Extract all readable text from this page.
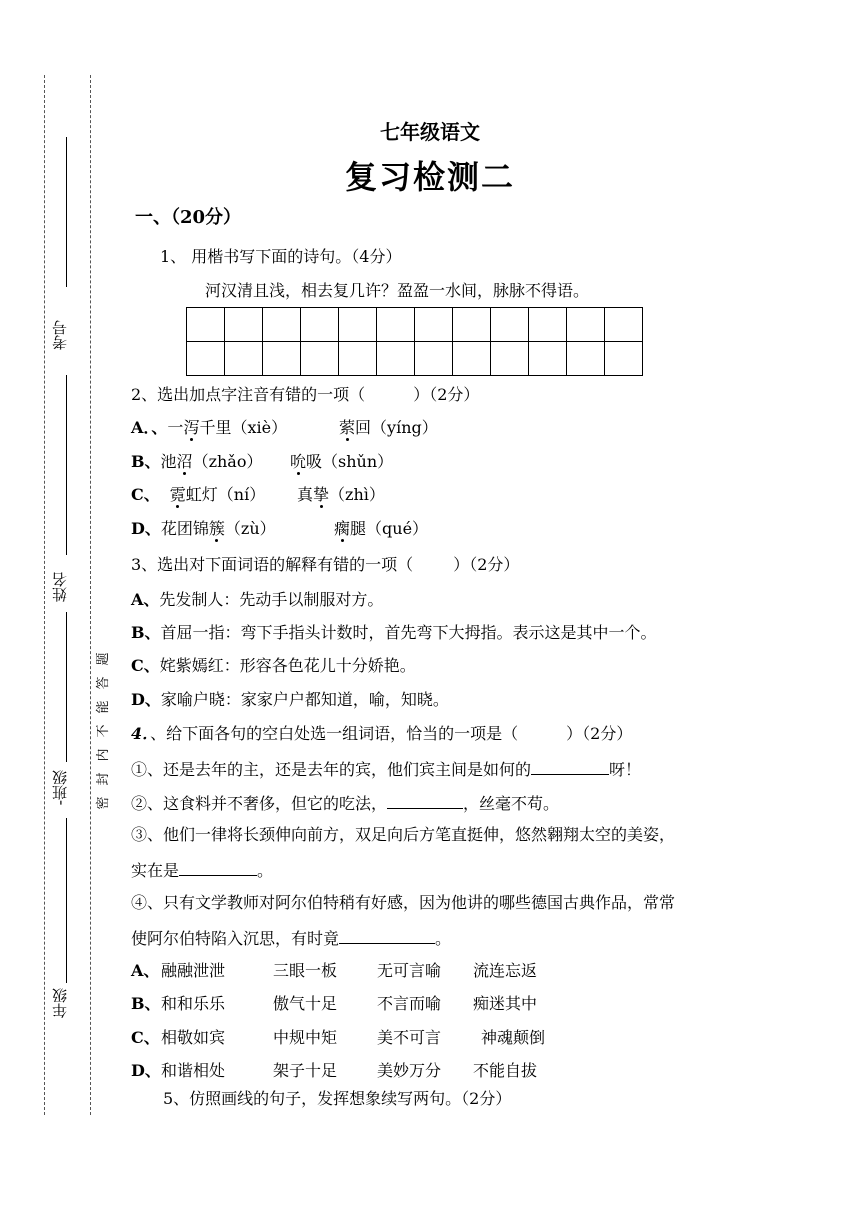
考号
姓名
-班级
年级
密
封
内
不
能
答
题
七年级语文
复习检测二
一、（20分）
1、 用楷书写下面的诗句。（4分）
河汉清且浅，相去复几许？盈盈一水间，脉脉不得语。

2、选出加点字注音有错的一项（	）（2分）
A．、一泻千里（xiè）	萦回（yíng）
B、池沼（zhǎo） 吮吸（shǔn）
C、 霓虹灯（ní） 真挚（zhì）
D、花团锦簇（zù）	瘸腿（qué）
3、选出对下面词语的解释有错的一项（	）（2分）
A、先发制人：先动手以制服对方。
B、首屈一指：弯下手指头计数时，首先弯下大拇指。表示这是其中一个。
C、姹紫嫣红：形容各色花儿十分娇艳。
D、家喻户晓：家家户户都知道，喻，知晓。
4．、给下面各句的空白处选一组词语，恰当的一项是（	）（2分）
①、还是去年的主，还是去年的宾，他们宾主间是如何的	呀！
②、这食料并不奢侈，但它的吃法，	，丝毫不苟。
③、他们一律将长颈伸向前方，双足向后方笔直挺伸，悠然翱翔太空的美姿，
实在是	。
④、只有文学教师对阿尔伯特稍有好感，因为他讲的哪些德国古典作品，常常
使阿尔伯特陷入沉思，有时竟	。
A、 融融泄泄	三眼一板 无可言喻 流连忘返
B、 和和乐乐	傲气十足 不言而喻 痴迷其中
C、 相敬如宾	中规中矩 美不可言 神魂颠倒
D、 和谐相处	架子十足 美妙万分 不能自拔
5、仿照画线的句子，发挥想象续写两句。（2分）
